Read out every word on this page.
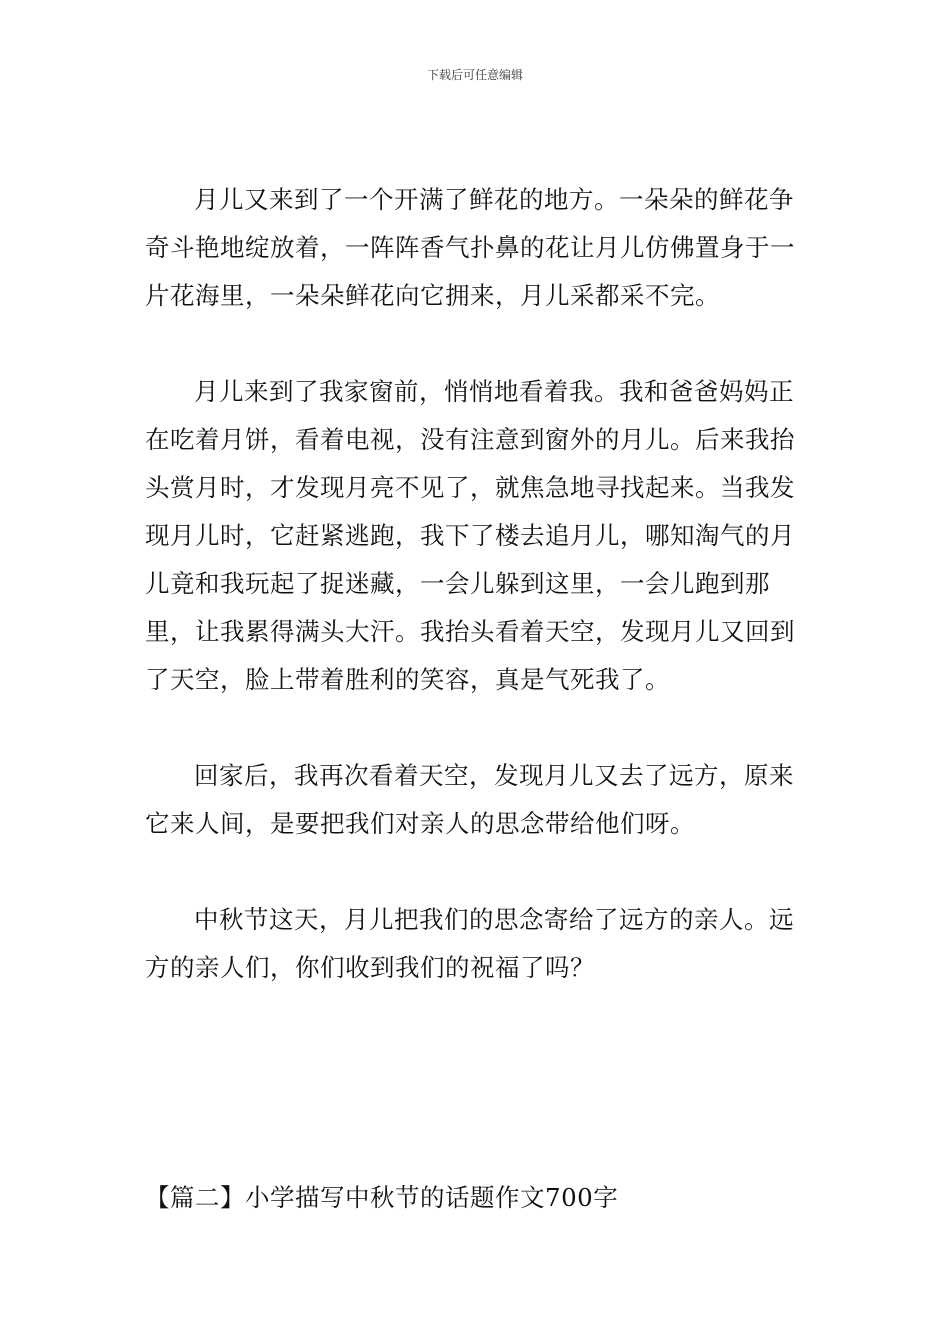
下载后可任意编辑

月儿又来到了一个开满了鲜花的地方。一朵朵的鲜花争奇斗艳地绽放着，一阵阵香气扑鼻的花让月儿仿佛置身于一片花海里，一朵朵鲜花向它拥来，月儿采都采不完。

月儿来到了我家窗前，悄悄地看着我。我和爸爸妈妈正在吃着月饼，看着电视，没有注意到窗外的月儿。后来我抬头赏月时，才发现月亮不见了，就焦急地寻找起来。当我发现月儿时，它赶紧逃跑，我下了楼去追月儿，哪知淘气的月儿竟和我玩起了捉迷藏，一会儿躲到这里，一会儿跑到那里，让我累得满头大汗。我抬头看着天空，发现月儿又回到了天空，脸上带着胜利的笑容，真是气死我了。

回家后，我再次看着天空，发现月儿又去了远方，原来它来人间，是要把我们对亲人的思念带给他们呀。

中秋节这天，月儿把我们的思念寄给了远方的亲人。远方的亲人们，你们收到我们的祝福了吗？

【篇二】小学描写中秋节的话题作文700字
